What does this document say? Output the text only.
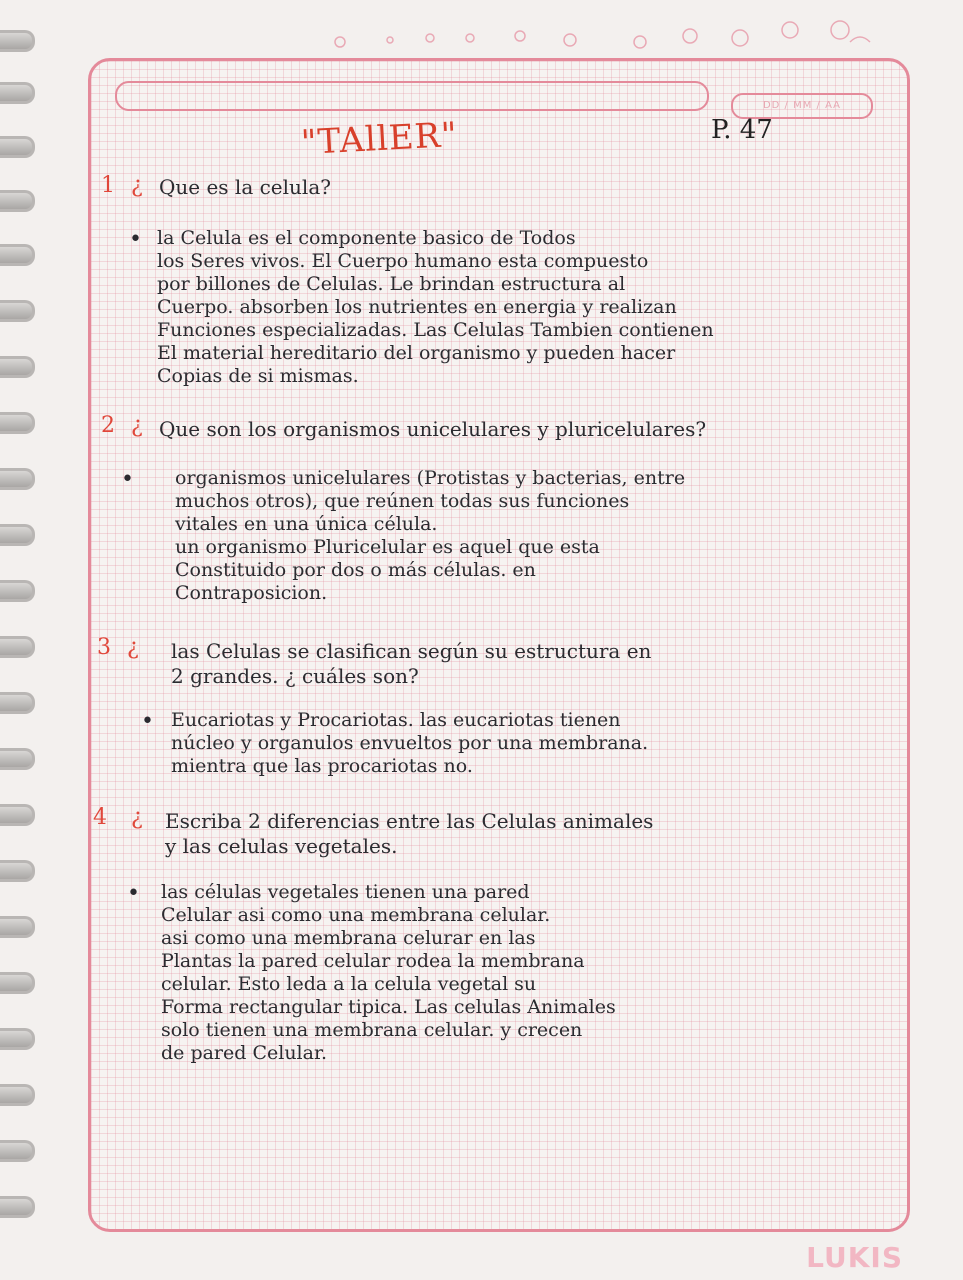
DD / MM / AA
"TAllER"	P. 47
1 ¿ Que es la celula?
• la Celula es el componente basico de Todos
los Seres vivos. El Cuerpo humano esta compuesto
por billones de Celulas. Le brindan estructura al
Cuerpo. absorben los nutrientes en energia y realizan
Funciones especializadas. Las Celulas Tambien contienen
El material hereditario del organismo y pueden hacer
Copias de si mismas.
2 ¿ Que son los organismos unicelulares y pluricelulares?
• organismos unicelulares (Protistas y bacterias, entre
muchos otros), que reúnen todas sus funciones
vitales en una única célula.
un organismo Pluricelular es aquel que esta
Constituido por dos o más células. en
Contraposicion.
3 ¿ las Celulas se clasifican según su estructura en
2 grandes. ¿ cuáles son?
• Eucariotas y Procariotas. las eucariotas tienen
núcleo y organulos envueltos por una membrana.
mientra que las procariotas no.
4 ¿ Escriba 2 diferencias entre las Celulas animales
y las celulas vegetales.
• las células vegetales tienen una pared
Celular asi como una membrana celular.
asi como una membrana celurar en las
Plantas la pared celular rodea la membrana
celular. Esto leda a la celula vegetal su
Forma rectangular tipica. Las celulas Animales
solo tienen una membrana celular. y crecen
de pared Celular.
LUKIS
